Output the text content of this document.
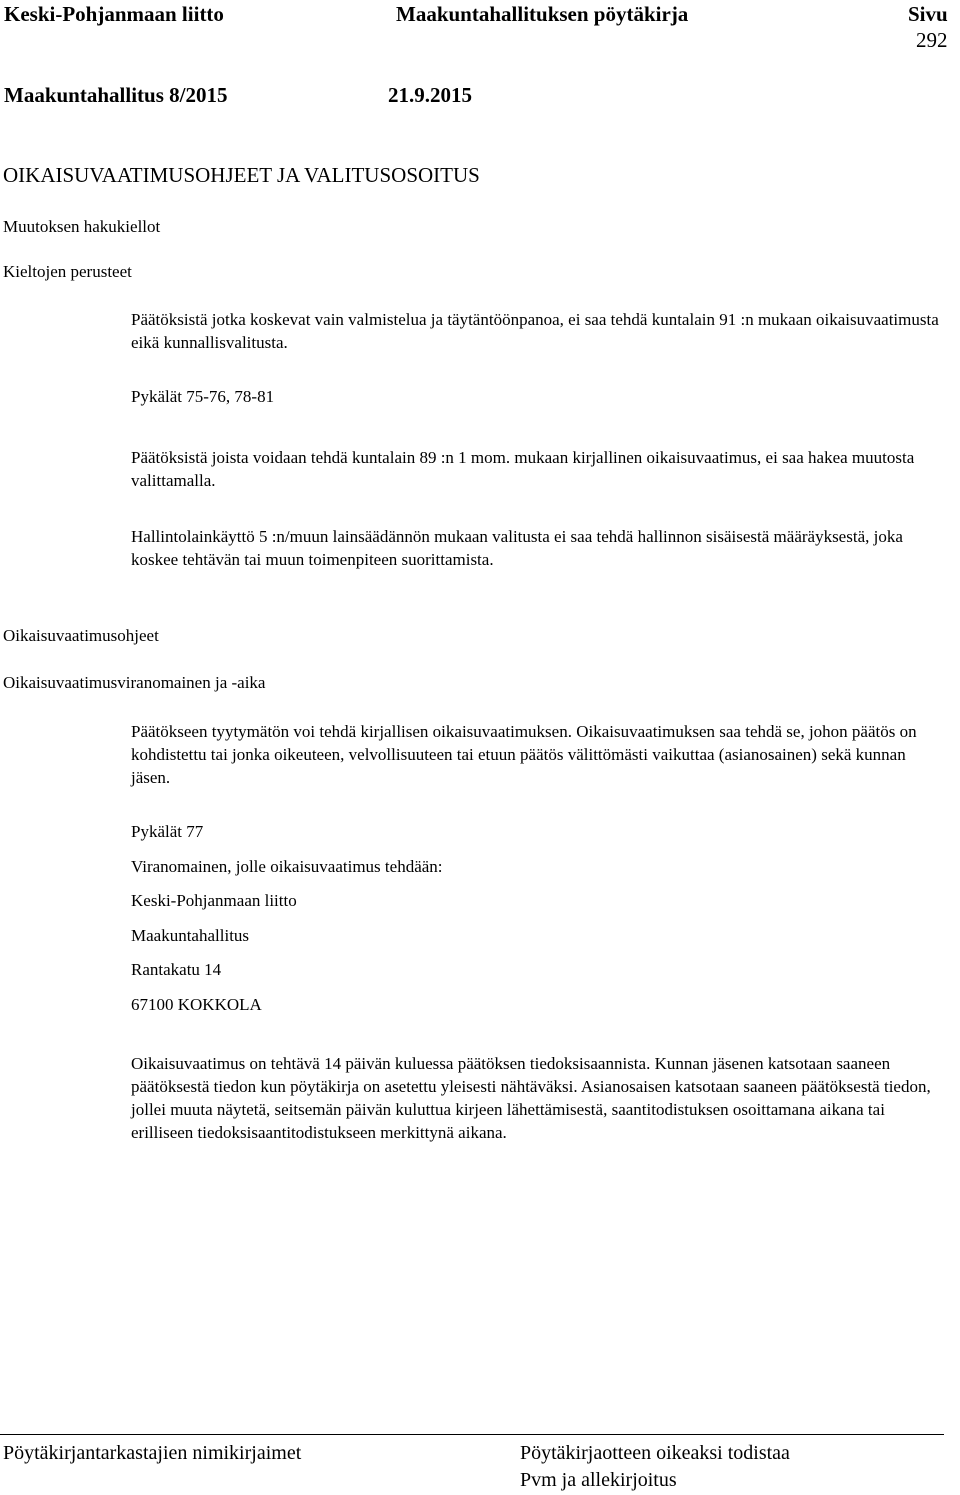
Keski-Pohjanmaan liitto	Maakuntahallituksen pöytäkirja	Sivu
292
Maakuntahallitus 8/2015	21.9.2015
OIKAISUVAATIMUSOHJEET JA VALITUSOSOITUS
Muutoksen hakukiellot
Kieltojen perusteet
Päätöksistä jotka koskevat vain valmistelua ja täytäntöönpanoa, ei saa tehdä kuntalain 91 :n mukaan oikaisuvaatimusta eikä kunnallisvalitusta.
Pykälät 75-76, 78-81
Päätöksistä joista voidaan tehdä kuntalain 89 :n 1 mom. mukaan kirjallinen oikaisuvaatimus, ei saa hakea muutosta valittamalla.
Hallintolainkäyttö 5 :n/muun lainsäädännön mukaan valitusta ei saa tehdä hallinnon sisäisestä määräyksestä, joka koskee tehtävän tai muun toimenpiteen suorittamista.
Oikaisuvaatimusohjeet
Oikaisuvaatimusviranomainen ja -aika
Päätökseen tyytymätön voi tehdä kirjallisen oikaisuvaatimuksen. Oikaisuvaatimuksen saa tehdä se, johon päätös on kohdistettu tai jonka oikeuteen, velvollisuuteen tai etuun päätös välittömästi vaikuttaa (asianosainen) sekä kunnan jäsen.
Pykälät 77
Viranomainen, jolle oikaisuvaatimus tehdään:
Keski-Pohjanmaan liitto
Maakuntahallitus
Rantakatu 14
67100 KOKKOLA
Oikaisuvaatimus on tehtävä 14 päivän kuluessa päätöksen tiedoksisaannista. Kunnan jäsenen katsotaan saaneen päätöksestä tiedon kun pöytäkirja on asetettu yleisesti nähtäväksi. Asianosaisen katsotaan saaneen päätöksestä tiedon, jollei muuta näytetä, seitsemän päivän kuluttua kirjeen lähettämisestä, saantitodistuksen osoittamana aikana tai erilliseen tiedoksisaantitodistukseen merkittynä aikana.
Pöytäkirjantarkastajien nimikirjaimet	Pöytäkirjaotteen oikeaksi todistaa
Pvm ja allekirjoitus
